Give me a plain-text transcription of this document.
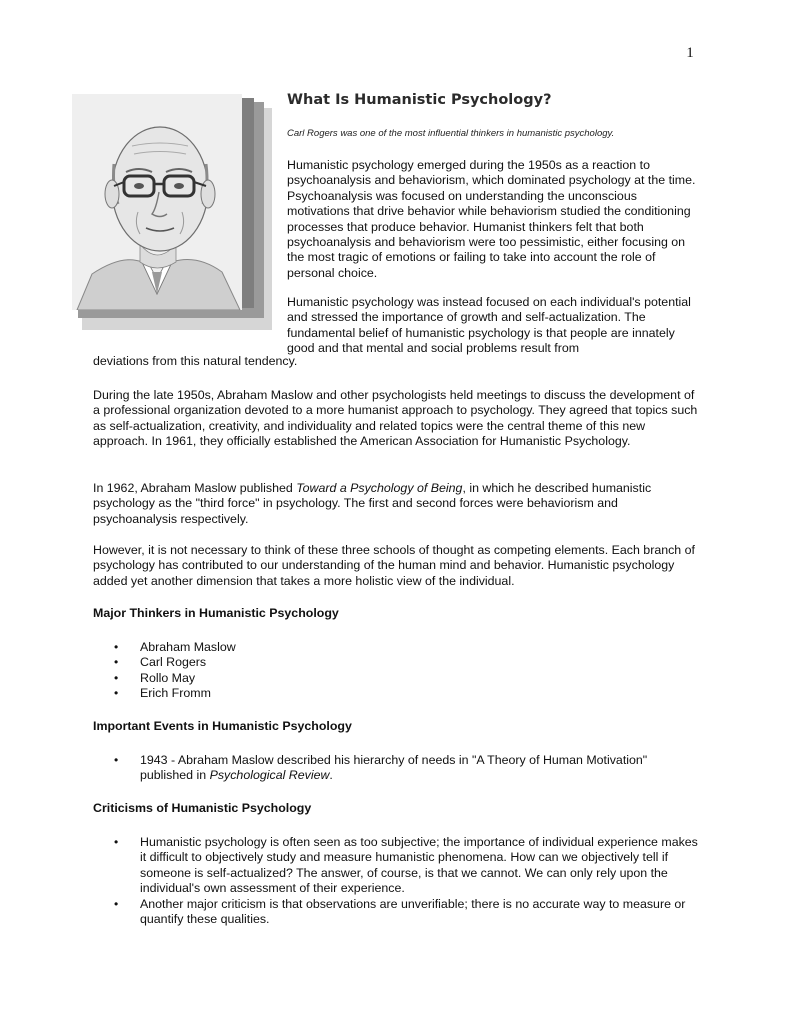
1
What Is Humanistic Psychology?

Carl Rogers was one of the most influential thinkers in humanistic psychology.

Humanistic psychology emerged during the 1950s as a reaction to psychoanalysis and behaviorism, which dominated psychology at the time. Psychoanalysis was focused on understanding the unconscious motivations that drive behavior while behaviorism studied the conditioning processes that produce behavior. Humanist thinkers felt that both psychoanalysis and behaviorism were too pessimistic, either focusing on the most tragic of emotions or failing to take into account the role of personal choice.

Humanistic psychology was instead focused on each individual's potential and stressed the importance of growth and self-actualization. The fundamental belief of humanistic psychology is that people are innately good and that mental and social problems result from

deviations from this natural tendency.

During the late 1950s, Abraham Maslow and other psychologists held meetings to discuss the development of a professional organization devoted to a more humanist approach to psychology. They agreed that topics such as self-actualization, creativity, and individuality and related topics were the central theme of this new approach. In 1961, they officially established the American Association for Humanistic Psychology.

In 1962, Abraham Maslow published Toward a Psychology of Being, in which he described humanistic psychology as the "third force" in psychology. The first and second forces were behaviorism and psychoanalysis respectively.

However, it is not necessary to think of these three schools of thought as competing elements. Each branch of psychology has contributed to our understanding of the human mind and behavior. Humanistic psychology added yet another dimension that takes a more holistic view of the individual.

Major Thinkers in Humanistic Psychology
• Abraham Maslow
• Carl Rogers
• Rollo May
• Erich Fromm
Important Events in Humanistic Psychology
• 1943 - Abraham Maslow described his hierarchy of needs in "A Theory of Human Motivation" published in Psychological Review.
Criticisms of Humanistic Psychology
• Humanistic psychology is often seen as too subjective; the importance of individual experience makes it difficult to objectively study and measure humanistic phenomena. How can we objectively tell if someone is self-actualized? The answer, of course, is that we cannot. We can only rely upon the individual's own assessment of their experience.
• Another major criticism is that observations are unverifiable; there is no accurate way to measure or quantify these qualities.
